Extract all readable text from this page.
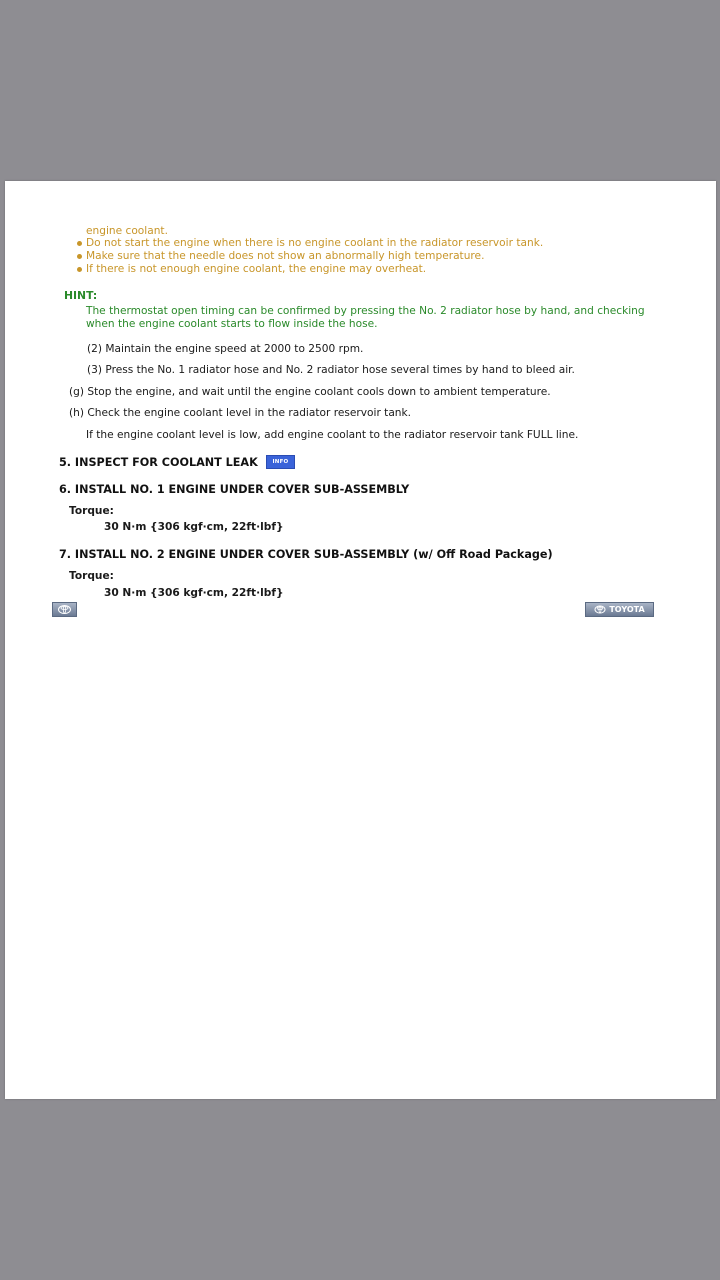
engine coolant.
Do not start the engine when there is no engine coolant in the radiator reservoir tank.
Make sure that the needle does not show an abnormally high temperature.
If there is not enough engine coolant, the engine may overheat.
HINT:
The thermostat open timing can be confirmed by pressing the No. 2 radiator hose by hand, and checking
when the engine coolant starts to flow inside the hose.
(2) Maintain the engine speed at 2000 to 2500 rpm.
(3) Press the No. 1 radiator hose and No. 2 radiator hose several times by hand to bleed air.
(g) Stop the engine, and wait until the engine coolant cools down to ambient temperature.
(h) Check the engine coolant level in the radiator reservoir tank.
If the engine coolant level is low, add engine coolant to the radiator reservoir tank FULL line.
5. INSPECT FOR COOLANT LEAK	INFO
6. INSTALL NO. 1 ENGINE UNDER COVER SUB-ASSEMBLY
Torque:
30 N·m {306 kgf·cm, 22ft·lbf}
7. INSTALL NO. 2 ENGINE UNDER COVER SUB-ASSEMBLY (w/ Off Road Package)
Torque:
30 N·m {306 kgf·cm, 22ft·lbf}
TOYOTA
